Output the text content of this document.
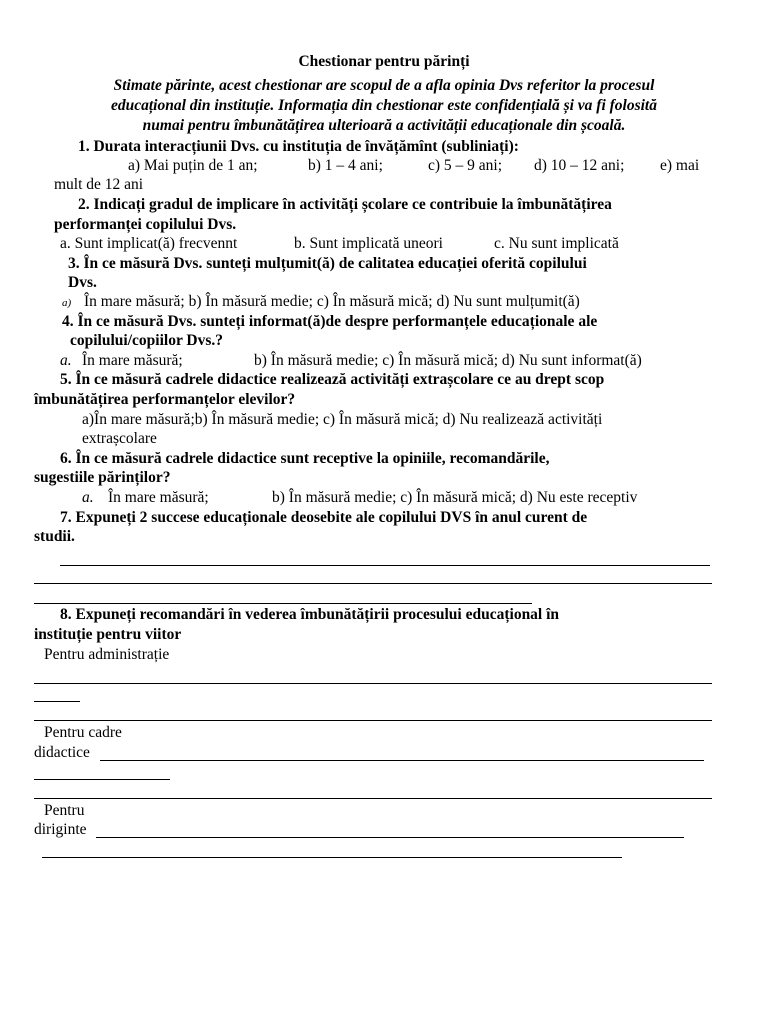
Chestionar pentru părinți
Stimate părinte, acest chestionar are scopul de a afla opinia Dvs referitor la procesul
educațional din instituție. Informația din chestionar este confidențială și va fi folosită
numai pentru îmbunătățirea ulterioară a activității educaționale din școală.
1. Durata interacțiunii Dvs. cu instituția de învățămînt (subliniați):
a) Mai puțin de 1 an;	b) 1 – 4 ani;	c) 5 – 9 ani; d) 10 – 12 ani; e) mai
mult de 12 ani
2. Indicați gradul de implicare în activități școlare ce contribuie la îmbunătățirea
performanței copilului Dvs.
a. Sunt implicat(ă) frecvennt	b. Sunt implicată uneori	c. Nu sunt implicată
3. În ce măsură Dvs. sunteți mulțumit(ă) de calitatea educației oferită copilului
Dvs.
a) În mare măsură; b) În măsură medie; c) În măsură mică; d) Nu sunt mulțumit(ă)
4. În ce măsură Dvs. sunteți informat(ă)de despre performanțele educaționale ale
copilului/copiilor Dvs.?
a. În mare măsură;	b) În măsură medie; c) În măsură mică; d) Nu sunt informat(ă)
5. În ce măsură cadrele didactice realizează activități extrașcolare ce au drept scop
îmbunătățirea performanțelor elevilor?
a)În mare măsură;b) În măsură medie; c) În măsură mică; d) Nu realizează activități
extrașcolare
6. În ce măsură cadrele didactice sunt receptive la opiniile, recomandările,
sugestiile părinților?
a. În mare măsură;	b) În măsură medie; c) În măsură mică; d) Nu este receptiv
7. Expuneți 2 succese educaționale deosebite ale copilului DVS în anul curent de
studii.
8. Expuneți recomandări în vederea îmbunătățirii procesului educațional în
instituție pentru viitor
Pentru administrație
Pentru cadre
didactice
Pentru
diriginte
